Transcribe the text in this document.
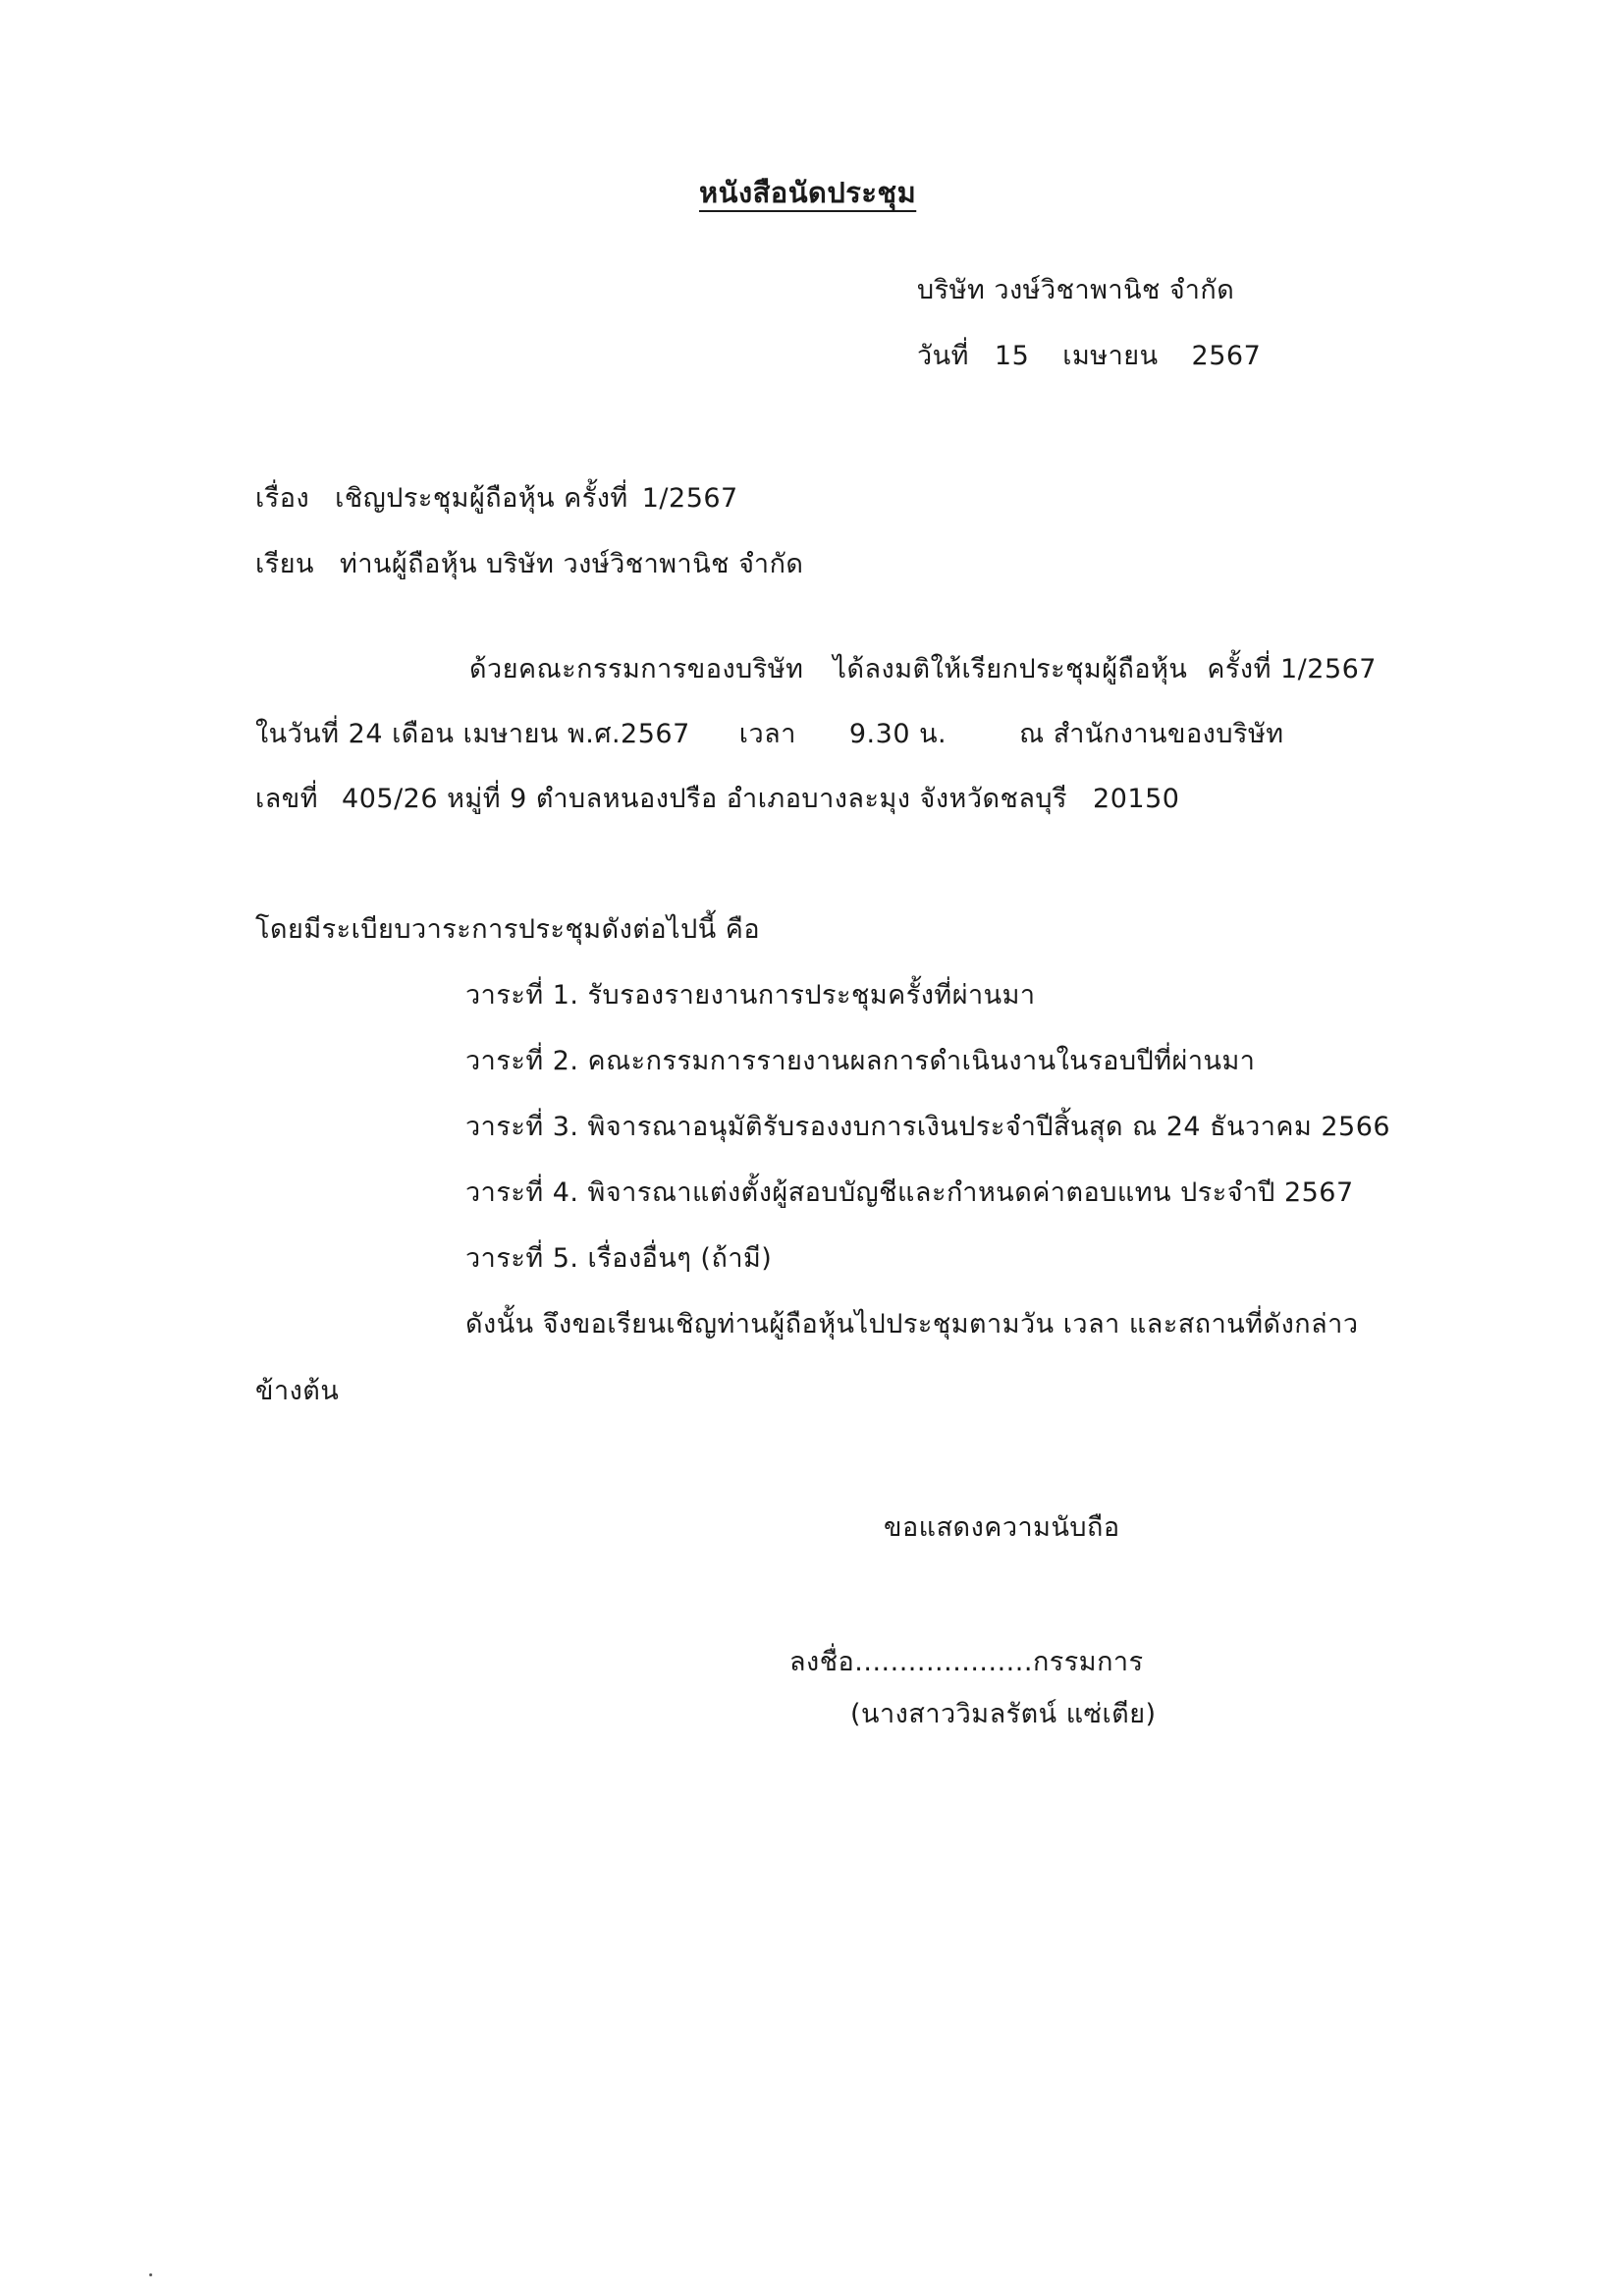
หนังสือนัดประชุม
บริษัท วงษ์วิชาพานิช จำกัด
วันที่ 15 เมษายน 2567
เรื่อง เชิญประชุมผู้ถือหุ้น ครั้งที่ 1/2567
เรียน ท่านผู้ถือหุ้น บริษัท วงษ์วิชาพานิช จำกัด
ด้วยคณะกรรมการของบริษัท ได้ลงมติให้เรียกประชุมผู้ถือหุ้น ครั้งที่ 1/2567
ในวันที่ 24 เดือน เมษายน พ.ศ.2567 เวลา 9.30 น.	ณ สำนักงานของบริษัท
เลขที่ 405/26 หมู่ที่ 9 ตำบลหนองปรือ อำเภอบางละมุง จังหวัดชลบุรี 20150
โดยมีระเบียบวาระการประชุมดังต่อไปนี้ คือ
วาระที่ 1. รับรองรายงานการประชุมครั้งที่ผ่านมา
วาระที่ 2. คณะกรรมการรายงานผลการดำเนินงานในรอบปีที่ผ่านมา
วาระที่ 3. พิจารณาอนุมัติรับรองงบการเงินประจำปีสิ้นสุด ณ 24 ธันวาคม 2566
วาระที่ 4. พิจารณาแต่งตั้งผู้สอบบัญชีและกำหนดค่าตอบแทน ประจำปี 2567
วาระที่ 5. เรื่องอื่นๆ (ถ้ามี)
ดังนั้น จึงขอเรียนเชิญท่านผู้ถือหุ้นไปประชุมตามวัน เวลา และสถานที่ดังกล่าว
ข้างต้น
ขอแสดงความนับถือ
ลงชื่อ....................กรรมการ
(นางสาววิมลรัตน์ แซ่เตีย)
